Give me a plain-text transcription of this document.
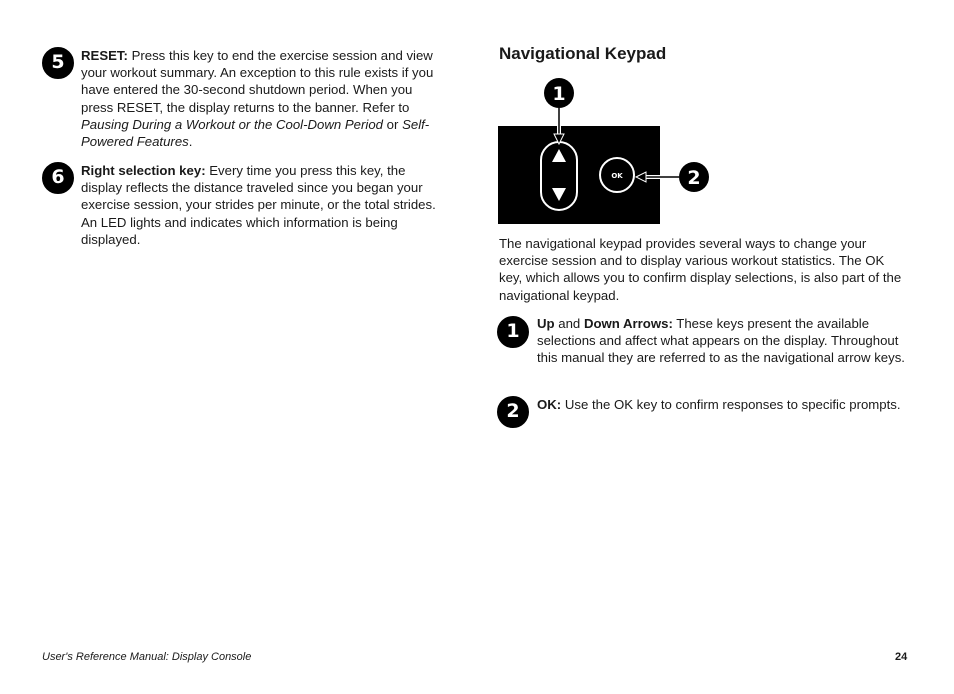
5 RESET: Press this key to end the exercise session and view your workout summary. An exception to this rule exists if you have entered the 30-second shutdown period. When you press RESET, the display returns to the banner. Refer to Pausing During a Workout or the Cool-Down Period or Self-Powered Features.

6 Right selection key: Every time you press this key, the display reflects the distance traveled since you began your exercise session, your strides per minute, or the total strides. An LED lights and indicates which information is being displayed.

Navigational Keypad
OK
1
2

The navigational keypad provides several ways to change your exercise session and to display various workout statistics. The OK key, which allows you to confirm display selections, is also part of the navigational keypad.

1 Up and Down Arrows: These keys present the available selections and affect what appears on the display. Throughout this manual they are referred to as the navigational arrow keys.

2 OK: Use the OK key to confirm responses to specific prompts.

User's Reference Manual: Display Console	24
